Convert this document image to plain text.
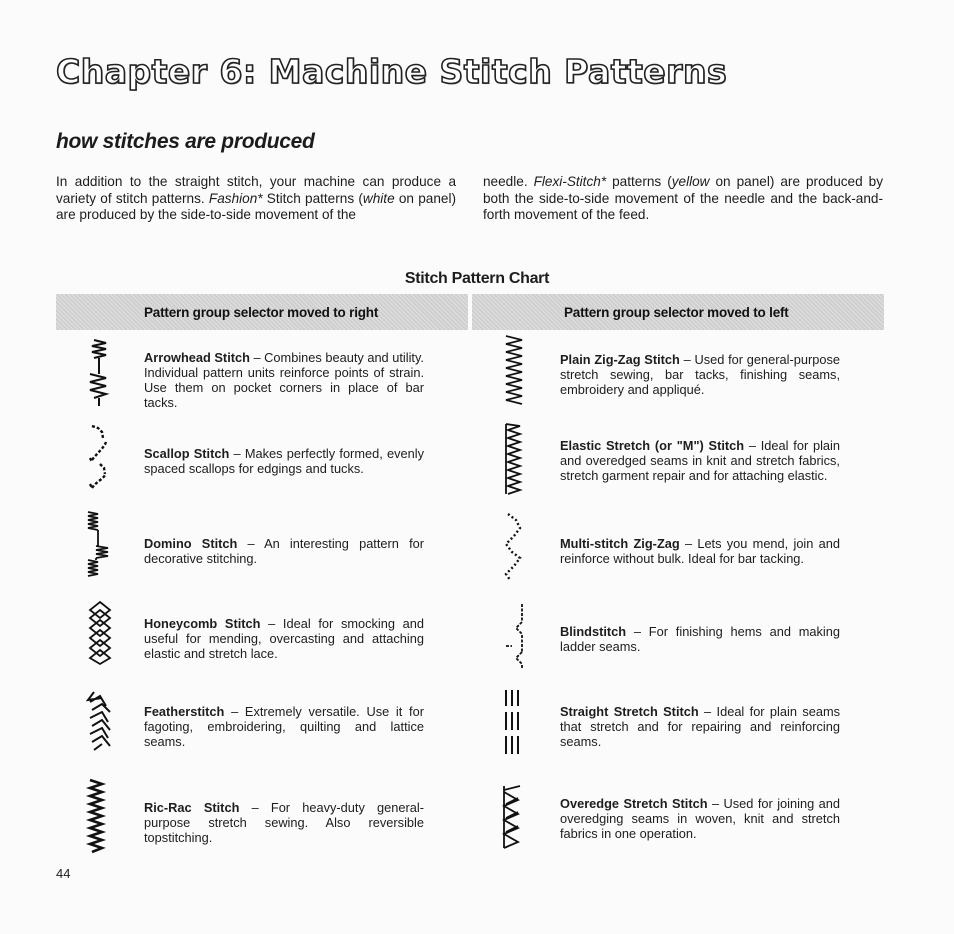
Chapter 6: Machine Stitch Patterns
how stitches are produced

In addition to the straight stitch, your machine can produce a variety of stitch patterns. Fashion* Stitch patterns (white on panel) are produced by the side-to-side movement of the

needle. Flexi-Stitch* patterns (yellow on panel) are produced by both the side-to-side movement of the needle and the back-and-forth movement of the feed.

Stitch Pattern Chart
Pattern group selector moved to right	Pattern group selector moved to left

Arrowhead Stitch – Combines beauty and utility. Individual pattern units reinforce points of strain. Use them on pocket corners in place of bar tacks.

Scallop Stitch – Makes perfectly formed, evenly spaced scallops for edgings and tucks.

Domino Stitch – An interesting pattern for decorative stitching.

Honeycomb Stitch – Ideal for smocking and useful for mending, overcasting and attaching elastic and stretch lace.

Featherstitch – Extremely versatile. Use it for fagoting, embroidering, quilting and lattice seams.

Ric-Rac Stitch – For heavy-duty general-purpose stretch sewing. Also reversible topstitching.

Plain Zig-Zag Stitch – Used for general-purpose stretch sewing, bar tacks, finishing seams, embroidery and appliqué.

Elastic Stretch (or "M") Stitch – Ideal for plain and overedged seams in knit and stretch fabrics, stretch garment repair and for attaching elastic.

Multi-stitch Zig-Zag – Lets you mend, join and reinforce without bulk. Ideal for bar tacking.

Blindstitch – For finishing hems and making ladder seams.

Straight Stretch Stitch – Ideal for plain seams that stretch and for repairing and reinforcing seams.

Overedge Stretch Stitch – Used for joining and overedging seams in woven, knit and stretch fabrics in one operation.

44
